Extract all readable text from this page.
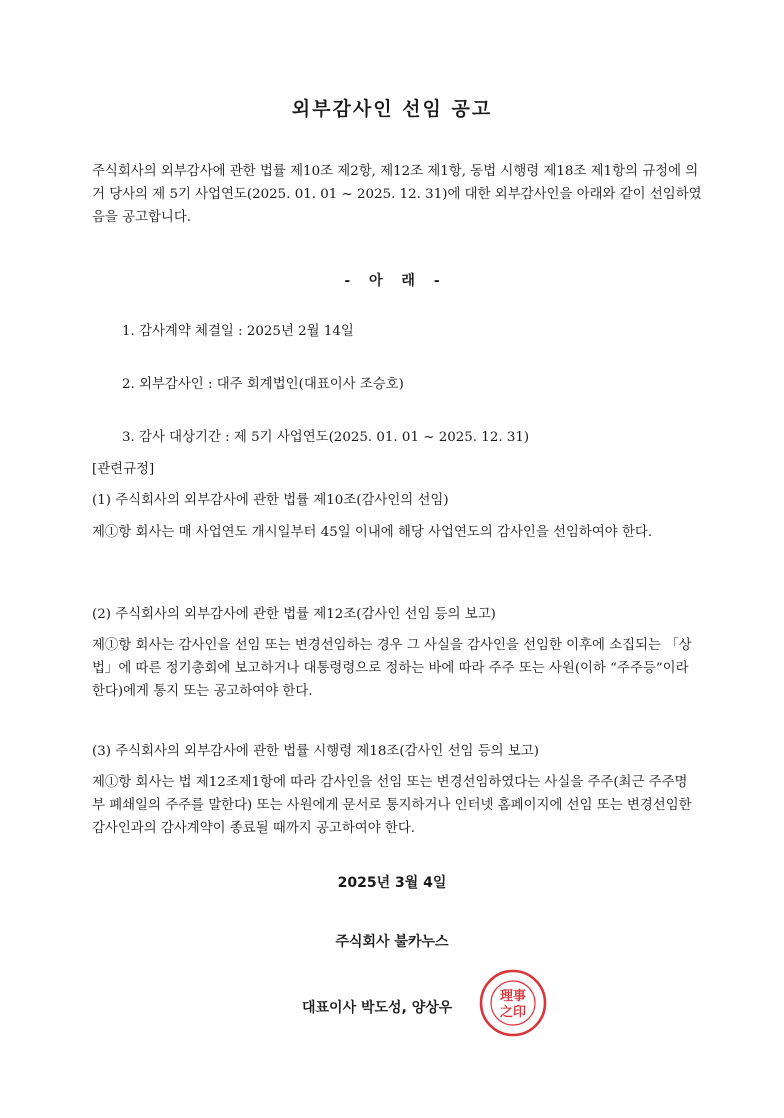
외부감사인 선임 공고

주식회사의 외부감사에 관한 법률 제10조 제2항, 제12조 제1항, 동법 시행령 제18조 제1항의 규정에 의거 당사의 제 5기 사업연도(2025. 01. 01 ~ 2025. 12. 31)에 대한 외부감사인을 아래와 같이 선임하였음을 공고합니다.

- 아 래 -
1. 감사계약 체결일 : 2025년 2월 14일
2. 외부감사인 : 대주 회계법인(대표이사 조승호)
3. 감사 대상기간 : 제 5기 사업연도(2025. 01. 01 ~ 2025. 12. 31)
[관련규정]
(1) 주식회사의 외부감사에 관한 법률 제10조(감사인의 선임)

제①항 회사는 매 사업연도 개시일부터 45일 이내에 해당 사업연도의 감사인을 선임하여야 한다.

(2) 주식회사의 외부감사에 관한 법률 제12조(감사인 선임 등의 보고)

제①항 회사는 감사인을 선임 또는 변경선임하는 경우 그 사실을 감사인을 선임한 이후에 소집되는 「상법」에 따른 정기총회에 보고하거나 대통령령으로 정하는 바에 따라 주주 또는 사원(이하 “주주등”이라 한다)에게 통지 또는 공고하여야 한다.

(3) 주식회사의 외부감사에 관한 법률 시행령 제18조(감사인 선임 등의 보고)

제①항 회사는 법 제12조제1항에 따라 감사인을 선임 또는 변경선임하였다는 사실을 주주(최근 주주명부 폐쇄일의 주주를 말한다) 또는 사원에게 문서로 통지하거나 인터넷 홈페이지에 선임 또는 변경선임한 감사인과의 감사계약이 종료될 때까지 공고하여야 한다.

2025년 3월 4일
주식회사 불카누스
대표이사 박도성, 양상우
理事
之印
